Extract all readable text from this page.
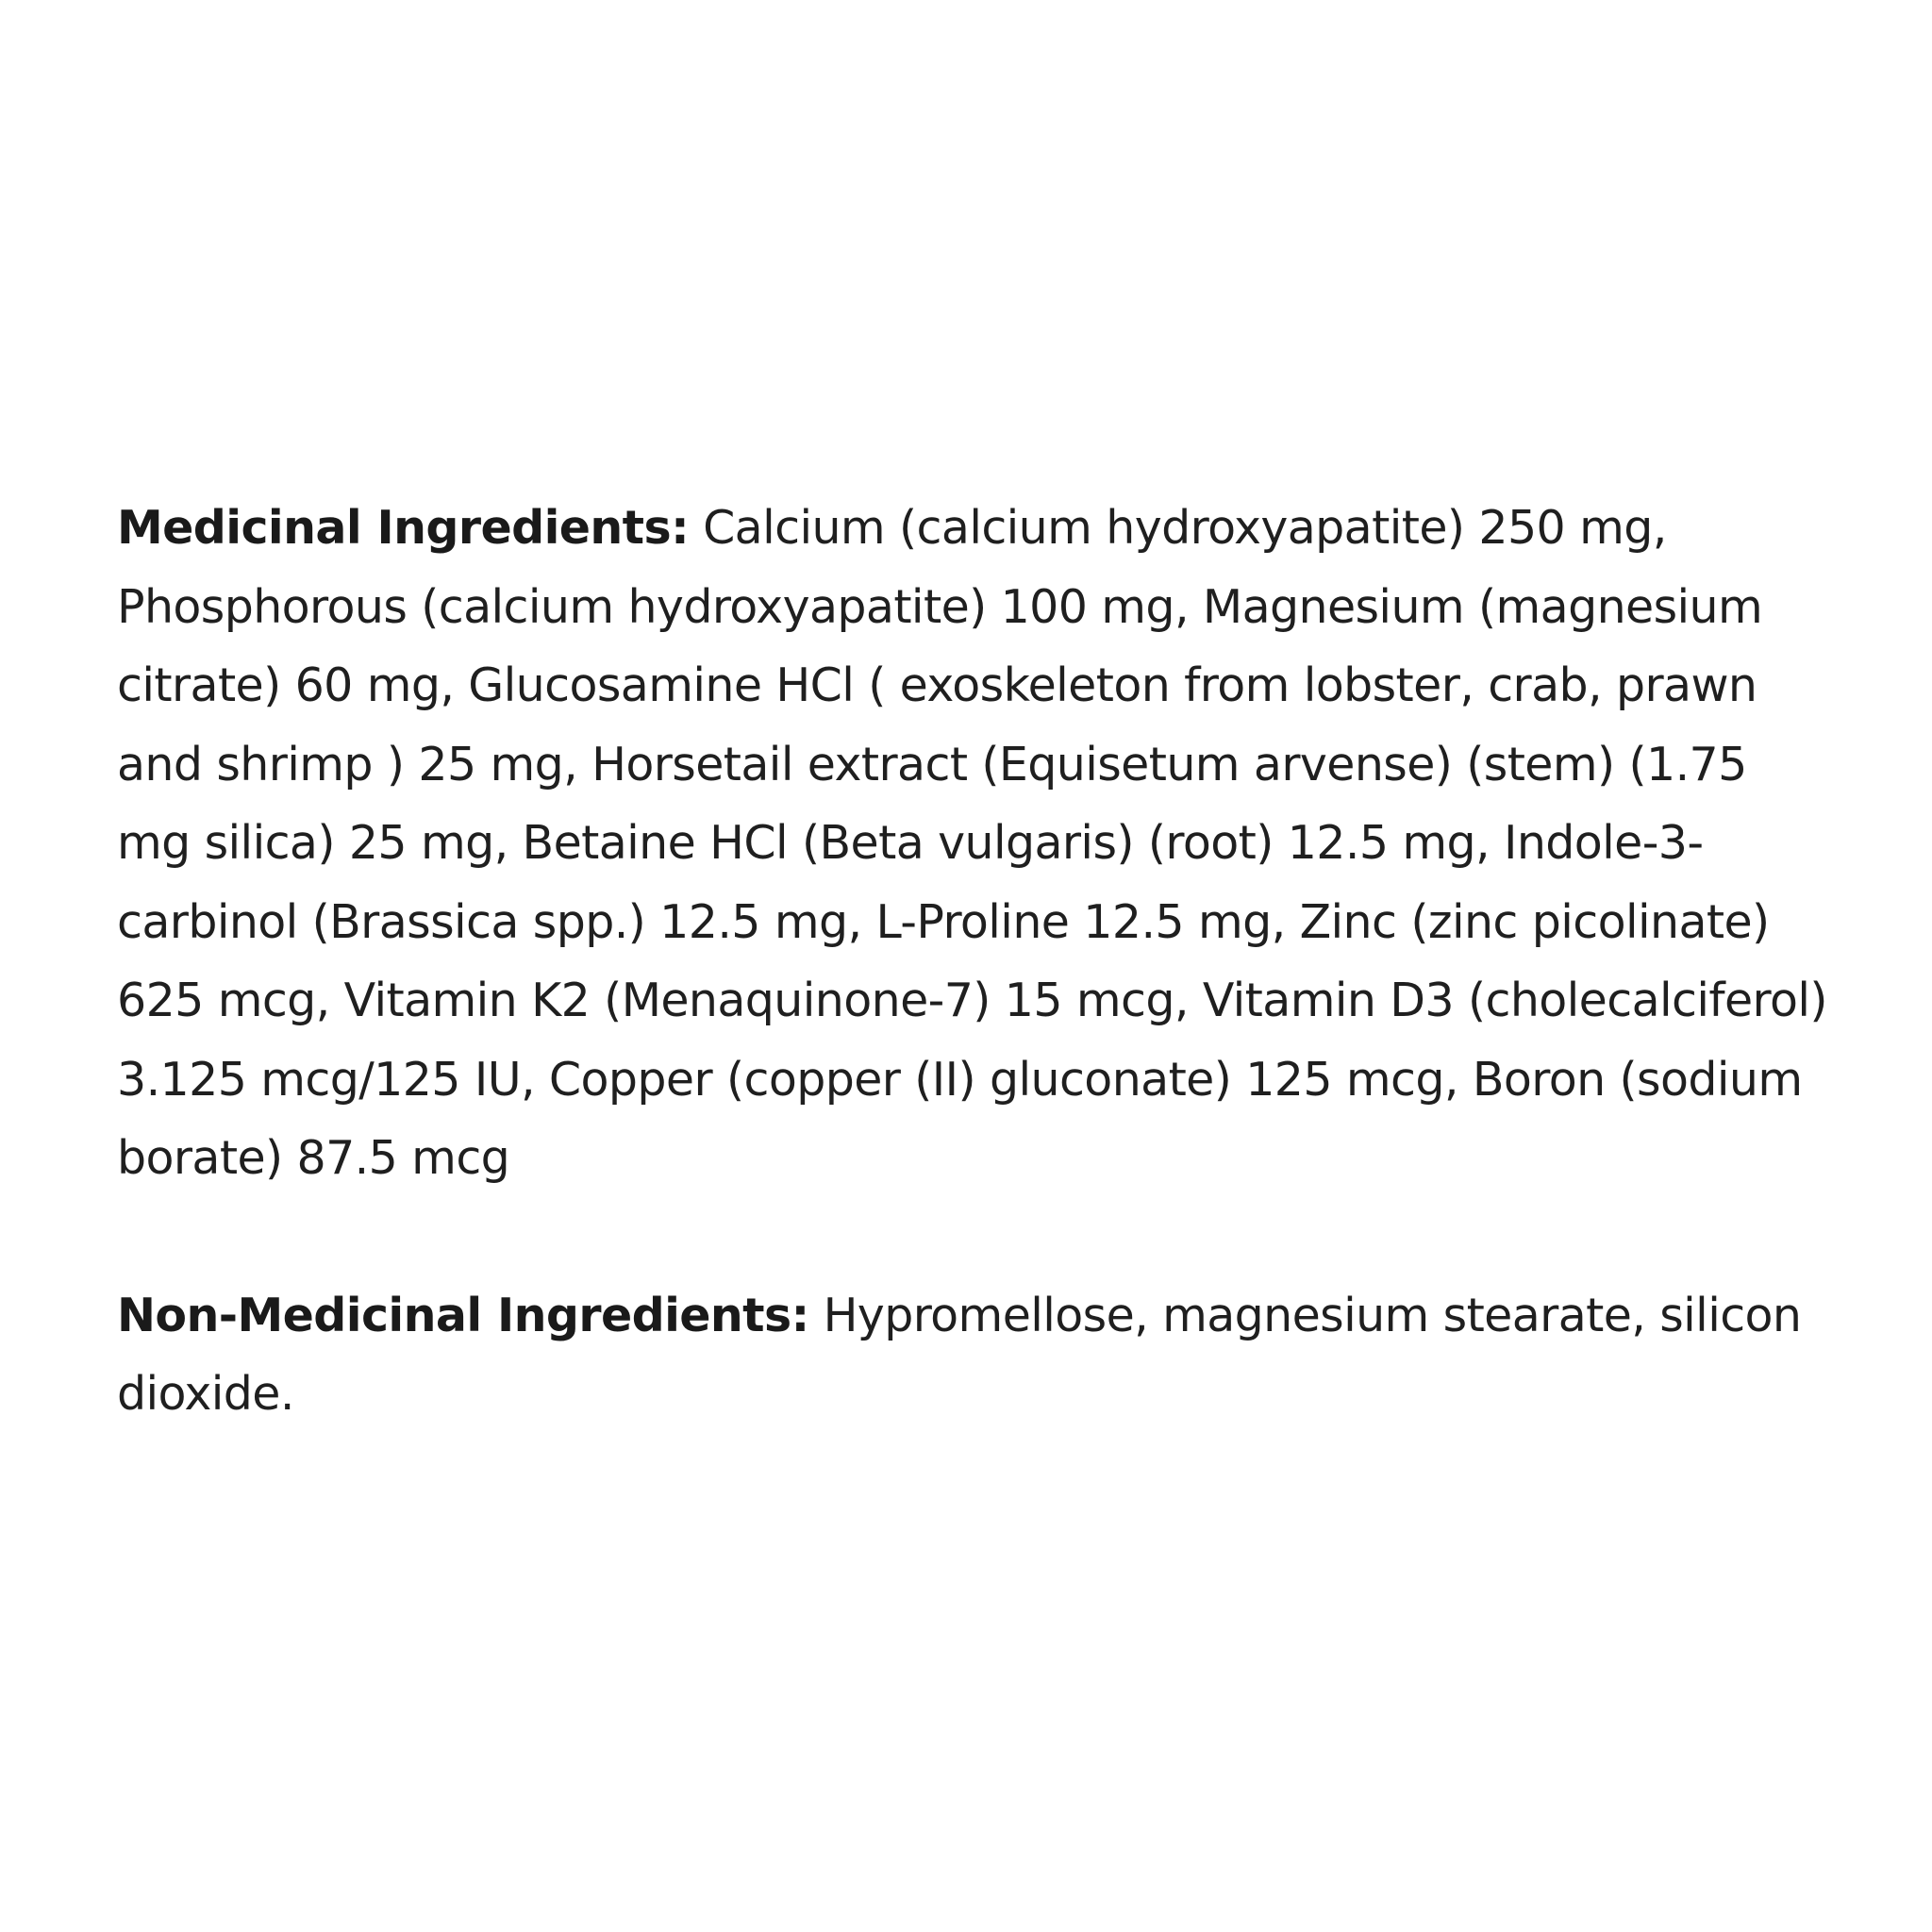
Medicinal Ingredients: Calcium (calcium hydroxyapatite) 250 mg, Phosphorous (calcium hydroxyapatite) 100 mg, Magnesium (magnesium citrate) 60 mg, Glucosamine HCl ( exoskeleton from lobster, crab, prawn and shrimp ) 25 mg, Horsetail extract (Equisetum arvense) (stem) (1.75 mg silica) 25 mg, Betaine HCl (Beta vulgaris) (root) 12.5 mg, Indole-3-carbinol (Brassica spp.) 12.5 mg, L-Proline 12.5 mg, Zinc (zinc picolinate) 625 mcg, Vitamin K2 (Menaquinone-7) 15 mcg, Vitamin D3 (cholecalciferol) 3.125 mcg/125 IU, Copper (copper (II) gluconate) 125 mcg, Boron (sodium borate) 87.5 mcg

Non-Medicinal Ingredients: Hypromellose, magnesium stearate, silicon dioxide.
